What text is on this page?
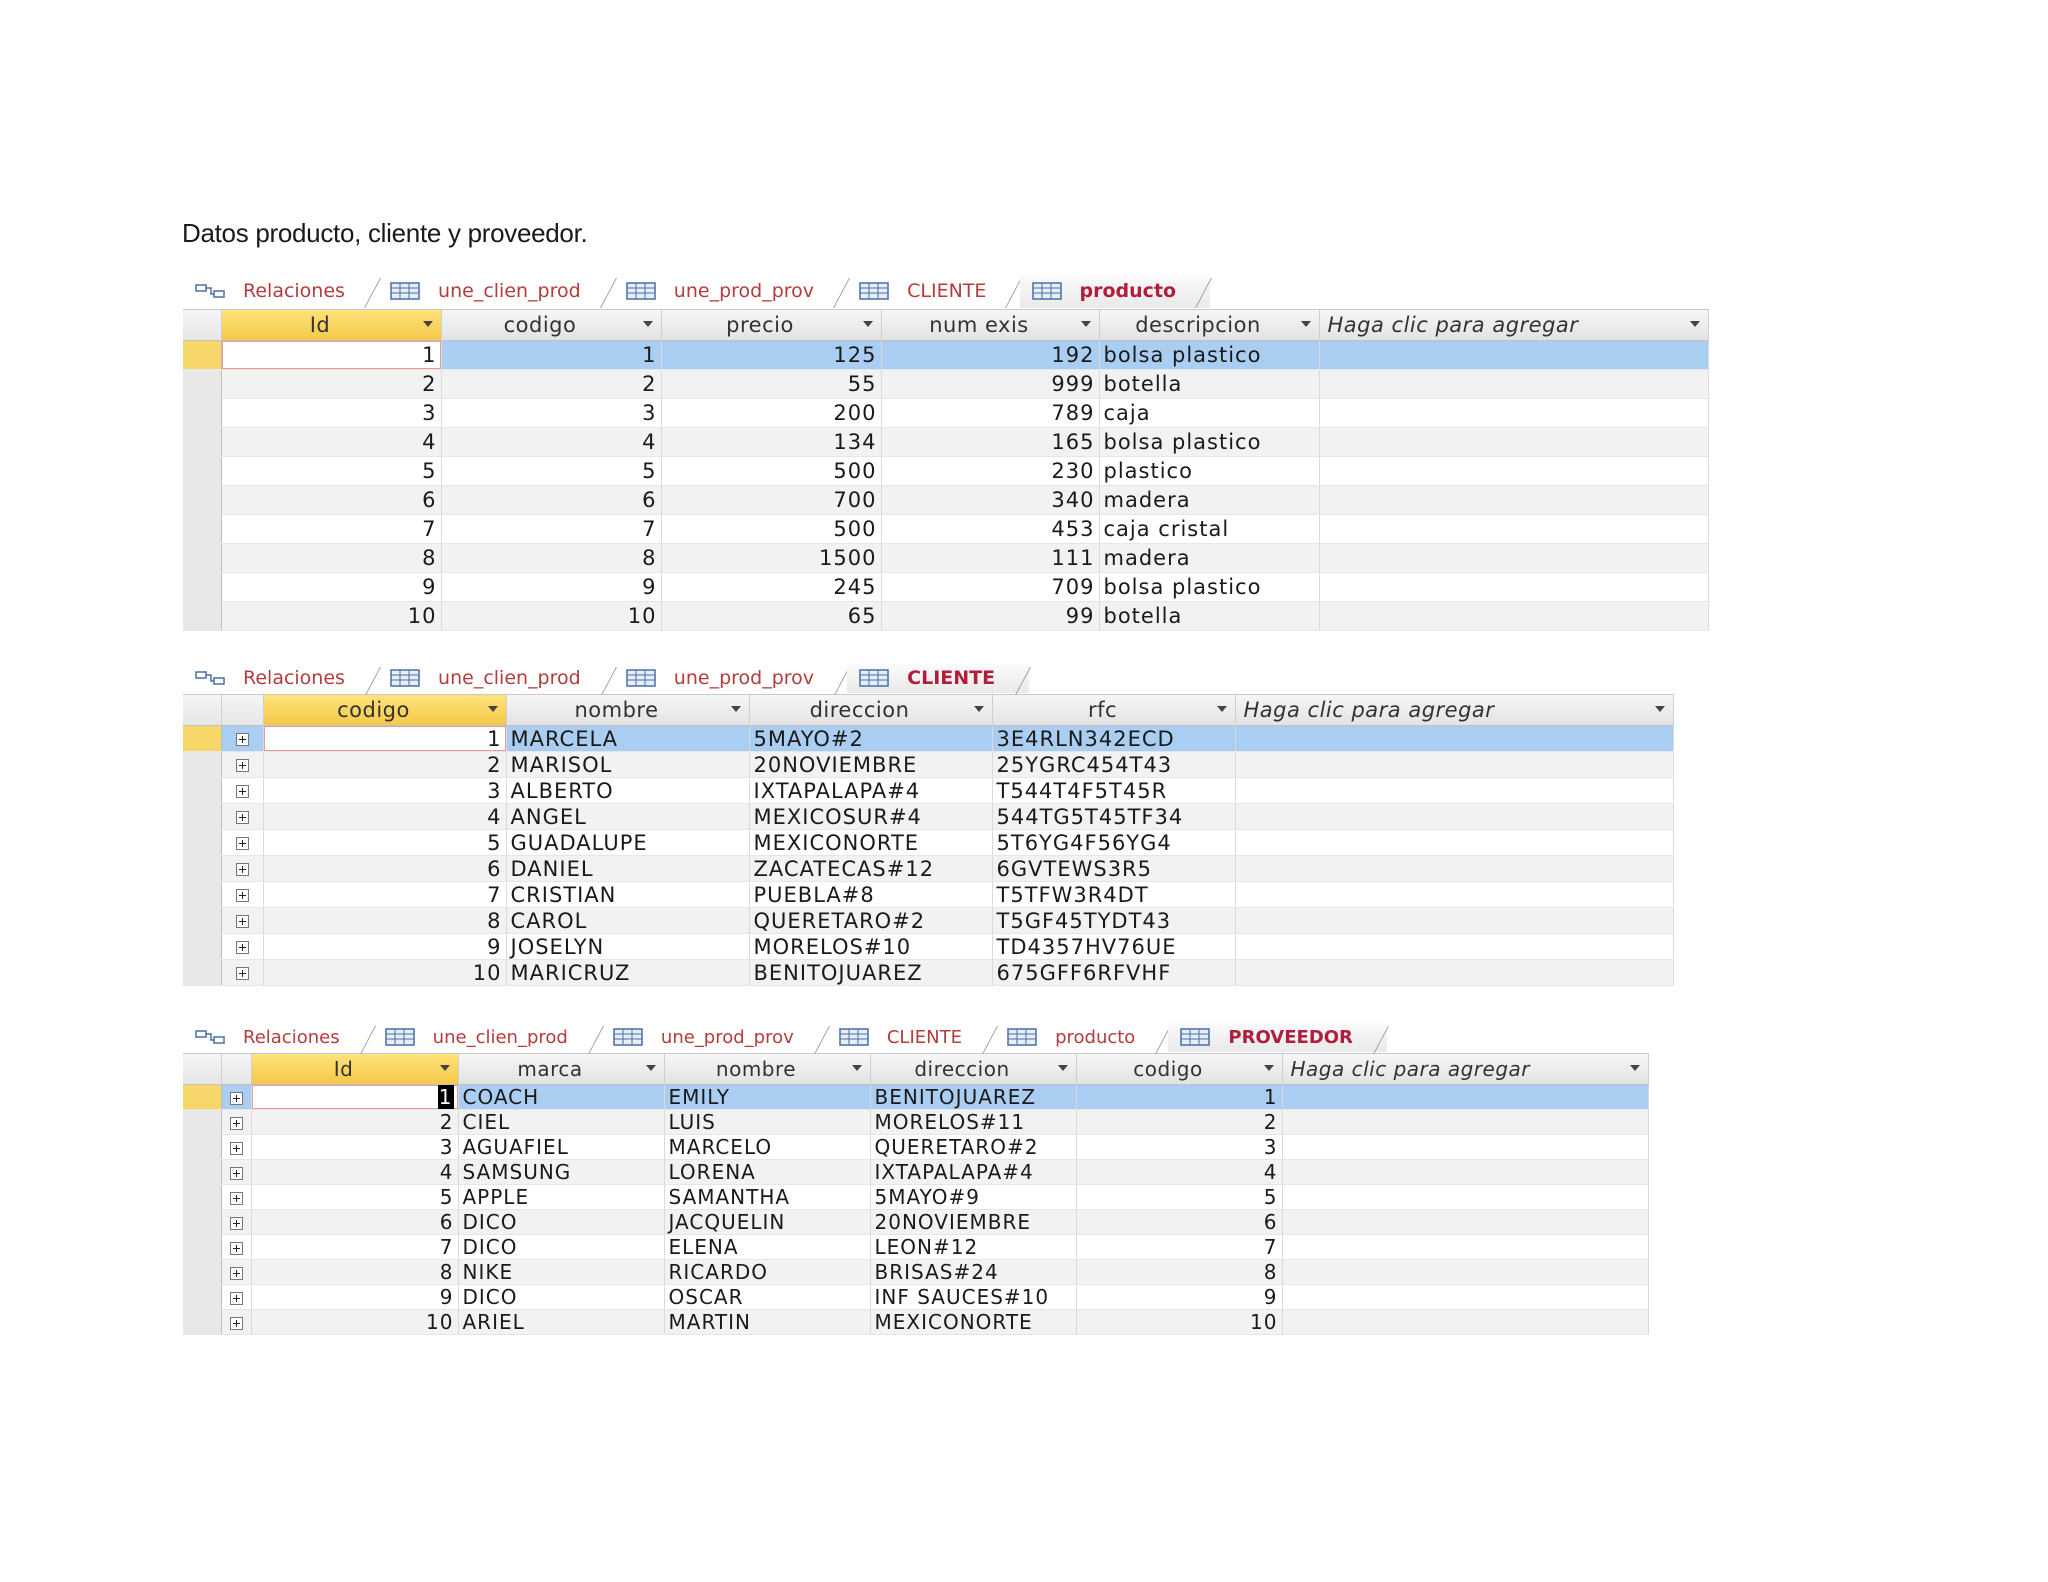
Datos producto, cliente y proveedor.
Relaciones	une_clien_prod	une_prod_prov	CLIENTE	producto
	Id	codigo	precio	num exis	descripcion	Haga clic para agregar

	1	1	125	192	bolsa plastico	
	2	2	55	999	botella	
	3	3	200	789	caja	
	4	4	134	165	bolsa plastico	
	5	5	500	230	plastico	
	6	6	700	340	madera	
	7	7	500	453	caja cristal	
	8	8	1500	111	madera	
	9	9	245	709	bolsa plastico	
	10	10	65	99	botella	
Relaciones	une_clien_prod	une_prod_prov	CLIENTE
		codigo	nombre	direccion	rfc	Haga clic para agregar

		1	MARCELA	5MAYO#2	3E4RLN342ECD	
		2	MARISOL	20NOVIEMBRE	25YGRC454T43	
		3	ALBERTO	IXTAPALAPA#4	T544T4F5T45R	
		4	ANGEL	MEXICOSUR#4	544TG5T45TF34	
		5	GUADALUPE	MEXICONORTE	5T6YG4F56YG4	
		6	DANIEL	ZACATECAS#12	6GVTEWS3R5	
		7	CRISTIAN	PUEBLA#8	T5TFW3R4DT	
		8	CAROL	QUERETARO#2	T5GF45TYDT43	
		9	JOSELYN	MORELOS#10	TD4357HV76UE	
		10	MARICRUZ	BENITOJUAREZ	675GFF6RFVHF	
Relaciones	une_clien_prod	une_prod_prov	CLIENTE	producto	PROVEEDOR
		Id	marca	nombre	direccion	codigo	Haga clic para agregar

		1	COACH	EMILY	BENITOJUAREZ	1	
		2	CIEL	LUIS	MORELOS#11	2	
		3	AGUAFIEL	MARCELO	QUERETARO#2	3	
		4	SAMSUNG	LORENA	IXTAPALAPA#4	4	
		5	APPLE	SAMANTHA	5MAYO#9	5	
		6	DICO	JACQUELIN	20NOVIEMBRE	6	
		7	DICO	ELENA	LEON#12	7	
		8	NIKE	RICARDO	BRISAS#24	8	
		9	DICO	OSCAR	INF SAUCES#10	9	
		10	ARIEL	MARTIN	MEXICONORTE	10	
